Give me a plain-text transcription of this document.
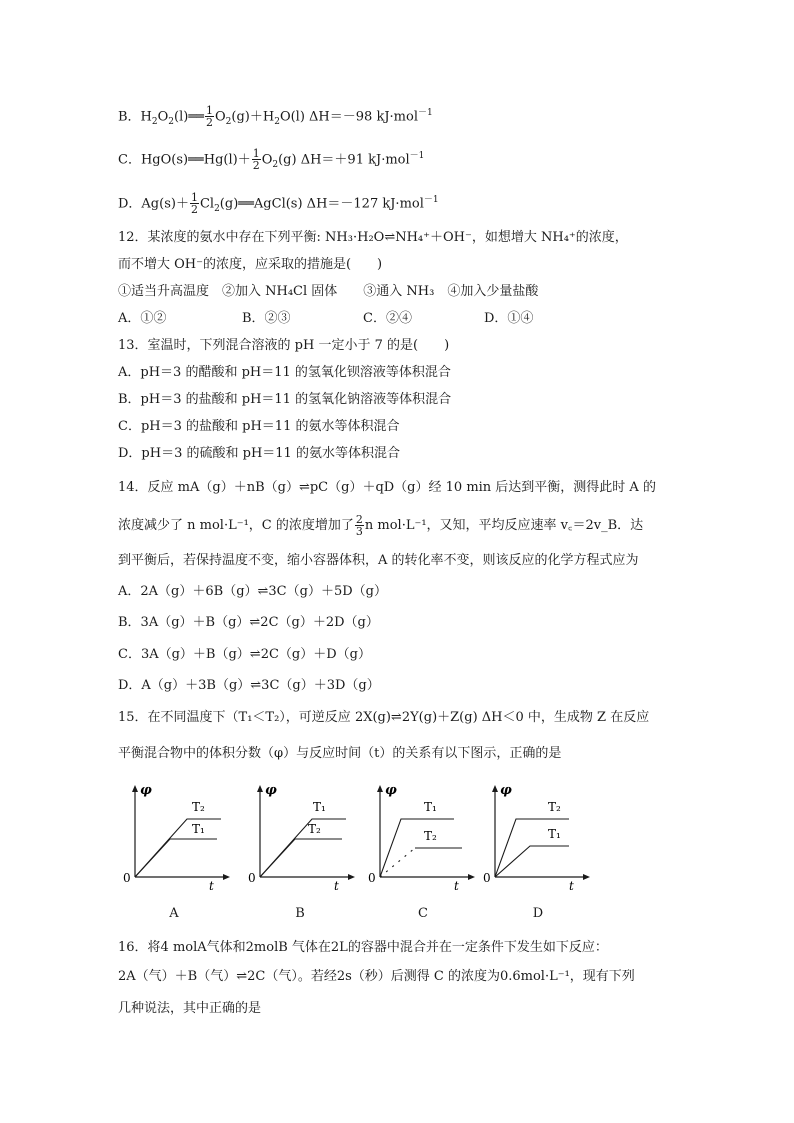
B．$H_2O_2(l)══ \frac{1}{2} O_2(g)+H_2O(l)$ ΔH＝－98 kJ·mol$^{-1}$
C．HgO(s)══Hg(l)＋ $\frac{1}{2} O_2(g)$ ΔH＝＋91 kJ·mol$^{-1}$
D．$Ag(s)+ \frac{1}{2}$ $Cl_2(g)══AgCl(s)$ ΔH＝－127 kJ·mol$^{-1}$
12．某浓度的氨水中存在下列平衡: NH₃·H₂O⇌NH₄⁺＋OH⁻，如想增大 NH₄⁺的浓度，
而不增大 OH⁻的浓度，应采取的措施是(　　)
①适当升高温度　②加入 NH₄Cl 固体　　③通入 NH₃　④加入少量盐酸
A．①②	B．②③	C．②④	D．①④
13．室温时，下列混合溶液的 pH 一定小于 7 的是(　　)
A．pH＝3 的醋酸和 pH＝11 的氢氧化钡溶液等体积混合
B．pH＝3 的盐酸和 pH＝11 的氢氧化钠溶液等体积混合
C．pH＝3 的盐酸和 pH＝11 的氨水等体积混合
D．pH＝3 的硫酸和 pH＝11 的氨水等体积混合
14．反应 mA（g）＋nB（g）⇌pC（g）＋qD（g）经 10 min 后达到平衡，测得此时 A 的
浓度减少了 n mol·L⁻¹，C 的浓度增加了 $\frac{2}{3}$ n mol·L⁻¹，又知，平均反应速率 v꜀＝2v_B．达
到平衡后，若保持温度不变，缩小容器体积，A 的转化率不变，则该反应的化学方程式应为
A．2A（g）＋6B（g）⇌3C（g）＋5D（g）
B．3A（g）＋B（g）⇌2C（g）＋2D（g）
C．3A（g）＋B（g）⇌2C（g）＋D（g）
D．A（g）＋3B（g）⇌3C（g）＋3D（g）
15．在不同温度下（T₁＜T₂），可逆反应 2X(g)⇌2Y(g)＋Z(g) ΔH＜0 中，生成物 Z 在反应
平衡混合物中的体积分数（φ）与反应时间（t）的关系有以下图示，正确的是
φ
0
t
T₂
T₁
A
φ
0
t
T₁
T₂
B
φ
0
t
T₁
T₂
C
φ
0
t
T₂
T₁
D
16．将4 molA气体和2molB 气体在2L的容器中混合并在一定条件下发生如下反应：
2A（气）＋B（气）⇌2C（气）。若经2s（秒）后测得 C 的浓度为0.6mol·L⁻¹，现有下列
几种说法，其中正确的是
